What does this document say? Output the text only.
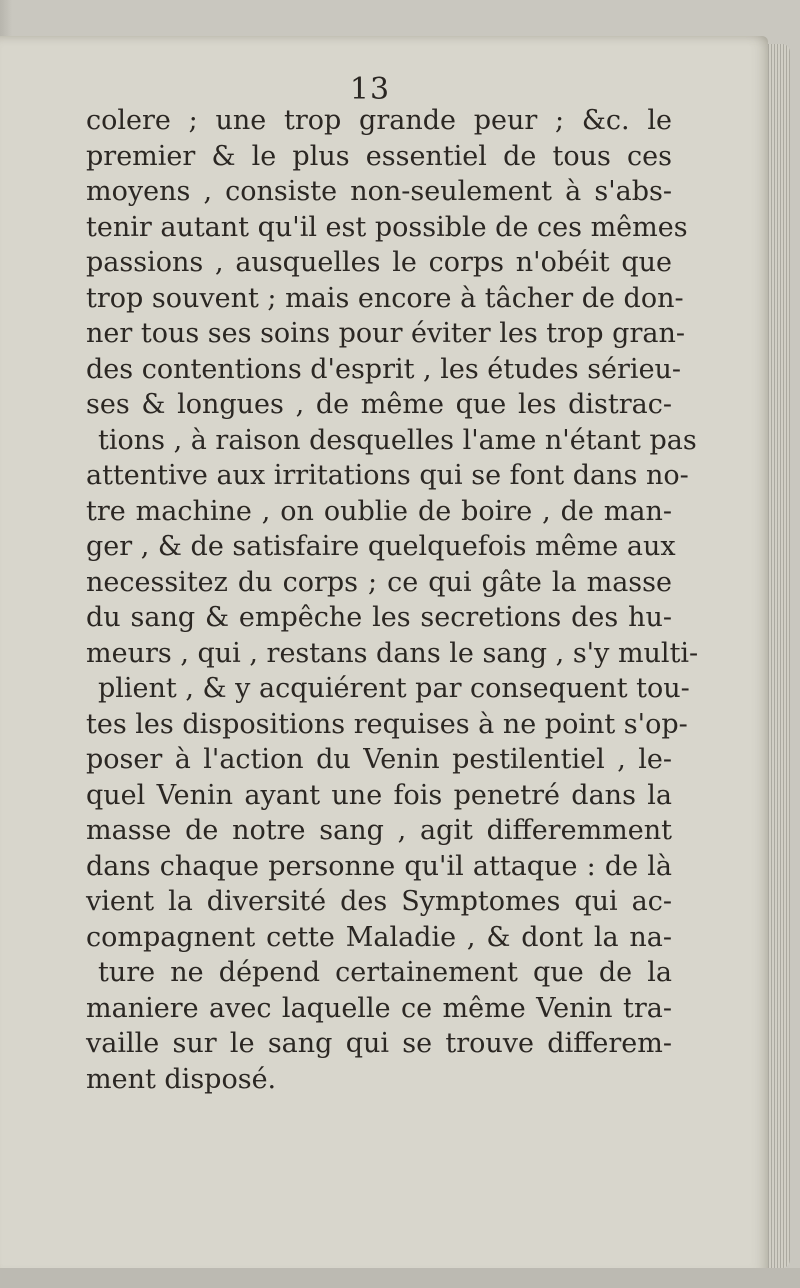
13
colere ; une trop grande peur ; &c. le
premier & le plus essentiel de tous ces
moyens , consiste non-seulement à s'abs-
tenir autant qu'il est possible de ces mêmes
passions , ausquelles le corps n'obéit que
trop souvent ; mais encore à tâcher de don-
ner tous ses soins pour éviter les trop gran-
des contentions d'esprit , les études sérieu-
ses & longues , de même que les distrac-
tions , à raison desquelles l'ame n'étant pas
attentive aux irritations qui se font dans no-
tre machine , on oublie de boire , de man-
ger , & de satisfaire quelquefois même aux
necessitez du corps ; ce qui gâte la masse
du sang & empêche les secretions des hu-
meurs , qui , restans dans le sang , s'y multi-
plient , & y acquiérent par consequent tou-
tes les dispositions requises à ne point s'op-
poser à l'action du Venin pestilentiel , le-
quel Venin ayant une fois penetré dans la
masse de notre sang , agit differemment
dans chaque personne qu'il attaque : de là
vient la diversité des Symptomes qui ac-
compagnent cette Maladie , & dont la na-
ture ne dépend certainement que de la
maniere avec laquelle ce même Venin tra-
vaille sur le sang qui se trouve differem-
ment disposé.
